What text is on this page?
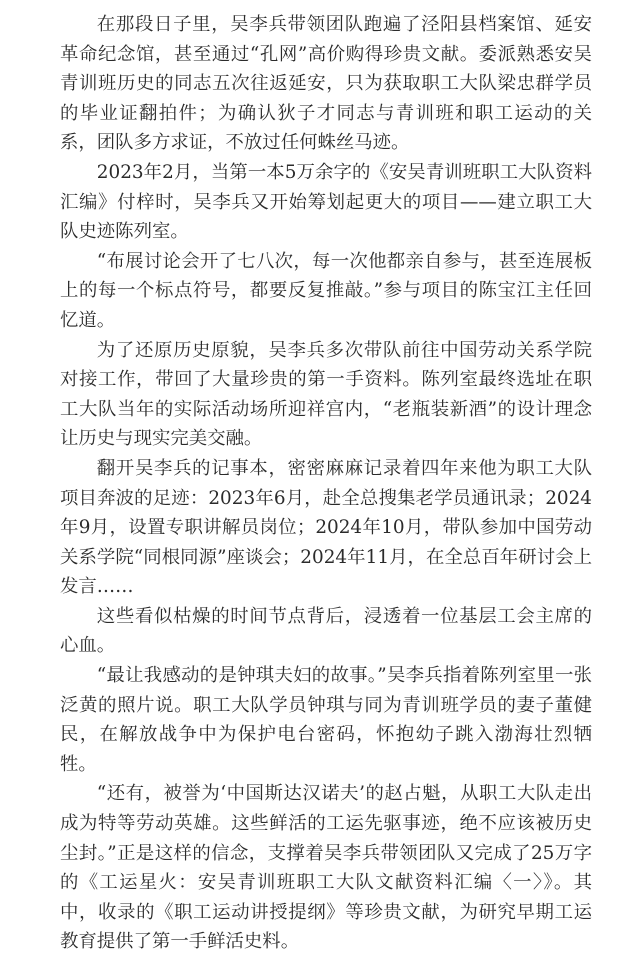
在那段日子里，吴李兵带领团队跑遍了泾阳县档案馆、延安革命纪念馆，甚至通过“孔网”高价购得珍贵文献。委派熟悉安吴青训班历史的同志五次往返延安，只为获取职工大队梁忠群学员的毕业证翻拍件；为确认狄子才同志与青训班和职工运动的关系，团队多方求证，不放过任何蛛丝马迹。

2023年2月，当第一本5万余字的《安吴青训班职工大队资料汇编》付梓时，吴李兵又开始筹划起更大的项目——建立职工大队史迹陈列室。

“布展讨论会开了七八次，每一次他都亲自参与，甚至连展板上的每一个标点符号，都要反复推敲。”参与项目的陈宝江主任回忆道。

为了还原历史原貌，吴李兵多次带队前往中国劳动关系学院对接工作，带回了大量珍贵的第一手资料。陈列室最终选址在职工大队当年的实际活动场所迎祥宫内，“老瓶装新酒”的设计理念让历史与现实完美交融。

翻开吴李兵的记事本，密密麻麻记录着四年来他为职工大队项目奔波的足迹：2023年6月，赴全总搜集老学员通讯录；2024年9月，设置专职讲解员岗位；2024年10月，带队参加中国劳动关系学院“同根同源”座谈会；2024年11月，在全总百年研讨会上发言……

这些看似枯燥的时间节点背后，浸透着一位基层工会主席的心血。

“最让我感动的是钟琪夫妇的故事。”吴李兵指着陈列室里一张泛黄的照片说。职工大队学员钟琪与同为青训班学员的妻子董健民，在解放战争中为保护电台密码，怀抱幼子跳入渤海壮烈牺牲。

“还有，被誉为‘中国斯达汉诺夫’的赵占魁，从职工大队走出成为特等劳动英雄。这些鲜活的工运先驱事迹，绝不应该被历史尘封。”正是这样的信念，支撑着吴李兵带领团队又完成了25万字的《工运星火：安吴青训班职工大队文献资料汇编〈一〉》。其中，收录的《职工运动讲授提纲》等珍贵文献，为研究早期工运教育提供了第一手鲜活史料。
